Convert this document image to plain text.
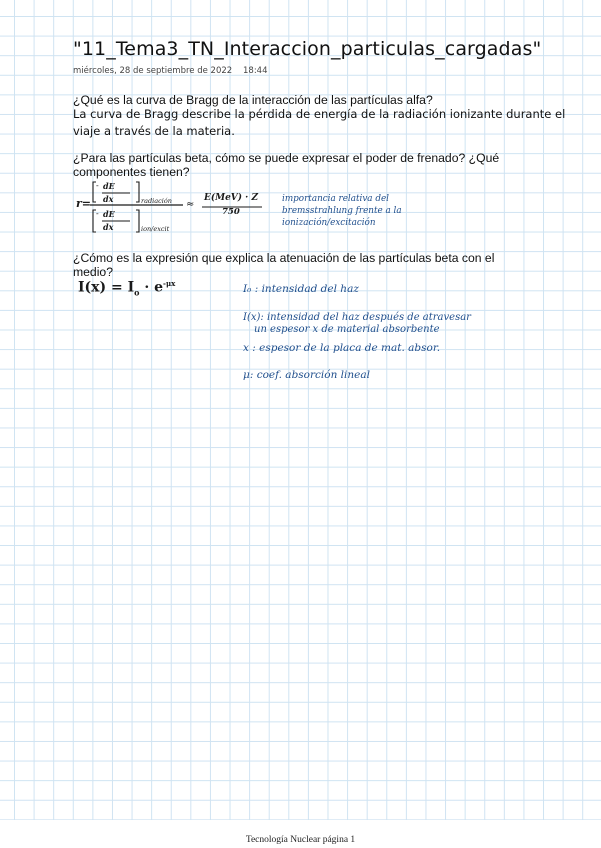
"11_Tema3_TN_Interaccion_particulas_cargadas"
miércoles, 28 de septiembre de 2022 18:44
¿Qué es la curva de Bragg de la interacción de las partículas alfa?
La curva de Bragg describe la pérdida de energía de la radiación ionizante durante el
viaje a través de la materia.
¿Para las partículas beta, cómo se puede expresar el poder de frenado? ¿Qué
componentes tienen?
r=
- dE
dx	radiación
- dE
dx	ion/excit
≈
E(MeV) · Z
750
importancia relativa del
bremsstrahlung frente a la
ionización/excitación
¿Cómo es la expresión que explica la atenuación de las partículas beta con el
medio?
$I(x) = I_o \cdot e^{-\mu x}$	I₀ : intensidad del haz
I(x): intensidad del haz después de atravesar
un espesor x de material absorbente
x : espesor de la placa de mat. absor.
μ: coef. absorción lineal
Tecnología Nuclear página 1
